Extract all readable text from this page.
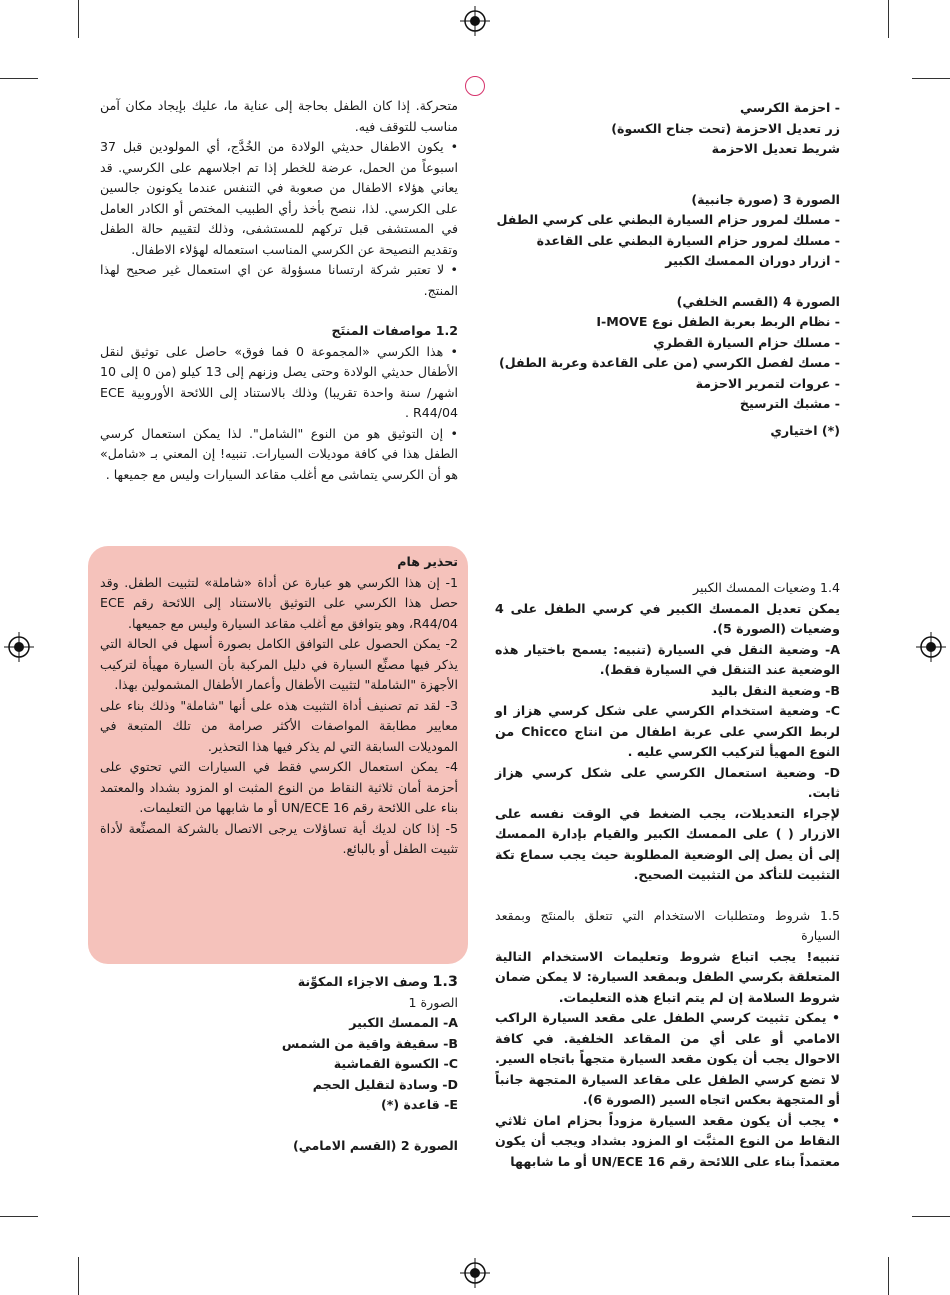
- احزمة الكرسي

زر تعديل الاحزمة (تحت جناح الكسوة)

شريط تعديل الاحزمة

الصورة 3 (صورة جانبية)

- مسلك لمرور حزام السيارة البطني على كرسي الطفل

- مسلك لمرور حزام السيارة البطني على القاعدة

- ازرار دوران الممسك الكبير

الصورة 4 (القسم الخلفي)

- نظام الربط بعربة الطفل نوع I-MOVE

- مسلك حزام السيارة القطري

- مسك لفصل الكرسي (من على القاعدة وعربة الطفل)

- عروات لتمرير الاحزمة

- مشبك الترسيخ

(*) اختياري

1.4 وضعيات الممسك الكبير

يمكن تعديل الممسك الكبير في كرسي الطفل على 4 وضعيات (الصورة 5).

A- وضعية النقل في السيارة (تنبيه: يسمح باختيار هذه الوضعية عند التنقل في السيارة فقط).

B- وضعية النقل باليد

C- وضعية استخدام الكرسي على شكل كرسي هزاز او لربط الكرسي على عربة اطفال من انتاج Chicco من النوع المهيأ لتركيب الكرسي عليه .

D- وضعية استعمال الكرسي على شكل كرسي هزاز ثابت.

لإجراء التعديلات، يجب الضغط في الوقت نفسه على الازرار ( ) على الممسك الكبير والقيام بإدارة الممسك إلى أن يصل إلى الوضعية المطلوبة حيث يجب سماع تكة التثبيت للتأكد من التثبيت الصحيح.

1.5 شروط ومتطلبات الاستخدام التي تتعلق بالمنتَج وبمقعد السيارة

تنبيه! يجب اتباع شروط وتعليمات الاستخدام التالية المتعلقة بكرسي الطفل وبمقعد السيارة: لا يمكن ضمان شروط السلامة إن لم يتم اتباع هذه التعليمات.

• يمكن تثبيت كرسي الطفل على مقعد السيارة الراكب الامامي أو على أي من المقاعد الخلفية. في كافة الاحوال يجب أن يكون مقعد السيارة متجهاً باتجاه السير. لا تضع كرسي الطفل على مقاعد السيارة المتجهة جانباً أو المتجهة بعكس اتجاه السير (الصورة 6).

• يجب أن يكون مقعد السيارة مزوداً بحزام امان ثلاثي النقاط من النوع المثبَّت او المزود بشداد ويجب أن يكون معتمداً بناء على اللائحة رقم UN/ECE 16 أو ما شابهها

متحركة. إذا كان الطفل بحاجة إلى عناية ما، عليك بإيجاد مكان آمن مناسب للتوقف فيه.

• يكون الاطفال حديثي الولادة من الخُدَّج، أي المولودين قبل 37 اسبوعاً من الحمل، عرضة للخطر إذا تم اجلاسهم على الكرسي. قد يعاني هؤلاء الاطفال من صعوبة في التنفس عندما يكونون جالسين على الكرسي. لذا، ننصح بأخذ رأي الطبيب المختص أو الكادر العامل في المستشفى قبل تركهم للمستشفى، وذلك لتقييم حالة الطفل وتقديم النصيحة عن الكرسي المناسب استعماله لهؤلاء الاطفال.

• لا تعتبر شركة ارتسانا مسؤولة عن اي استعمال غير صحيح لهذا المنتج.

1.2 مواصفات المنتَج

• هذا الكرسي «المجموعة 0 فما فوق» حاصل على توثيق لنقل الأطفال حديثي الولادة وحتى يصل وزنهم إلى 13 كيلو (من 0 إلى 10 اشهر/ سنة واحدة تقريبا) وذلك بالاستناد إلى اللائحة الأوروبية ECE R44/04 .

• إن التوثيق هو من النوع "الشامل". لذا يمكن استعمال كرسي الطفل هذا في كافة موديلات السيارات. تنبيه! إن المعني بـ «شامل» هو أن الكرسي يتماشى مع أغلب مقاعد السيارات وليس مع جميعها .

تحذير هام

1- إن هذا الكرسي هو عبارة عن أداة «شاملة» لتثبيت الطفل. وقد حصل هذا الكرسي على التوثيق بالاستناد إلى اللائحة رقم ECE R44/04، وهو يتوافق مع أغلب مقاعد السيارة وليس مع جميعها.

2- يمكن الحصول على التوافق الكامل بصورة أسهل في الحالة التي يذكر فيها مصنِّع السيارة في دليل المركبة بأن السيارة مهيأة لتركيب الأجهزة "الشاملة" لتثبيت الأطفال وأعمار الأطفال المشمولين بهذا.

3- لقد تم تصنيف أداة التثبيت هذه على أنها "شاملة" وذلك بناء على معايير مطابقة المواصفات الأكثر صرامة من تلك المتبعة في الموديلات السابقة التي لم يذكر فيها هذا التحذير.

4- يمكن استعمال الكرسي فقط في السيارات التي تحتوي على أحزمة أمان ثلاثية النقاط من النوع المثبت او المزود بشداد والمعتمد بناء على اللائحة رقم UN/ECE 16 أو ما شابهها من التعليمات.

5- إذا كان لديك أية تساؤلات يرجى الاتصال بالشركة المصنِّعة لأداة تثبيت الطفل أو بالبائع.

1.3 وصف الاجزاء المكوِّنة

الصورة 1

A- الممسك الكبير

B- سقيفة واقية من الشمس

C- الكسوة القماشية

D- وسادة لتقليل الحجم

E- قاعدة (*)

الصورة 2 (القسم الامامي)
